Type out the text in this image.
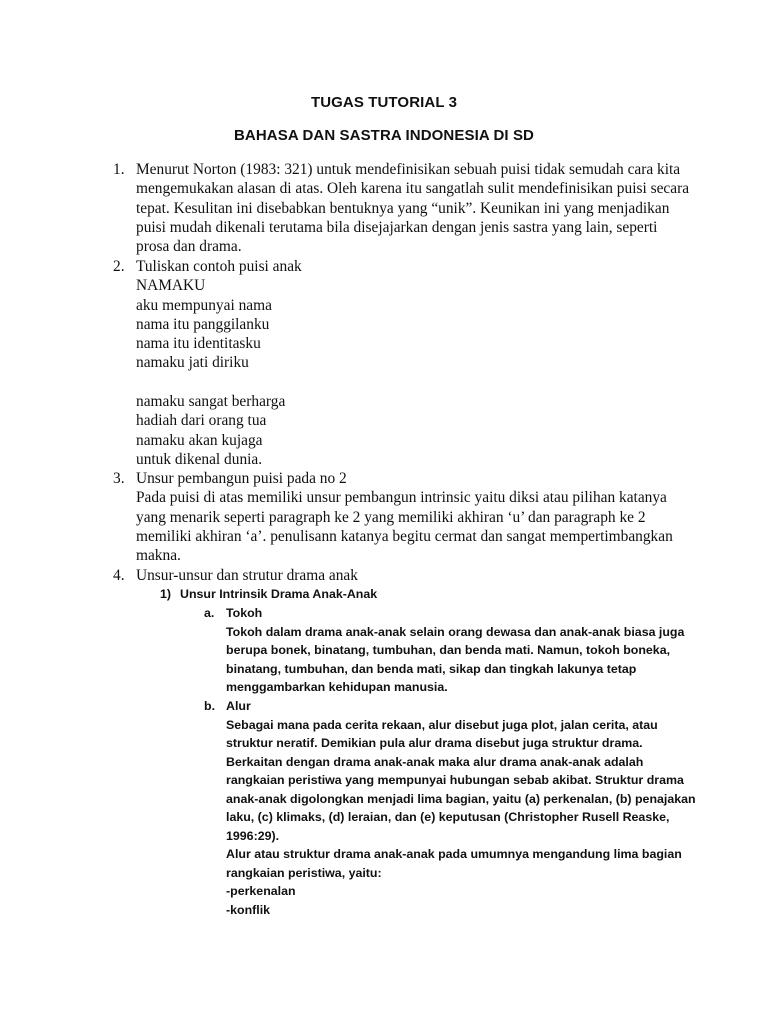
TUGAS TUTORIAL 3
BAHASA DAN SASTRA INDONESIA DI SD
1. Menurut Norton (1983: 321) untuk mendefinisikan sebuah puisi tidak semudah cara kita
mengemukakan alasan di atas. Oleh karena itu sangatlah sulit mendefinisikan puisi secara
tepat. Kesulitan ini disebabkan bentuknya yang “unik”. Keunikan ini yang menjadikan
puisi mudah dikenali terutama bila disejajarkan dengan jenis sastra yang lain, seperti
prosa dan drama.
2. Tuliskan contoh puisi anak
NAMAKU
aku mempunyai nama
nama itu panggilanku
nama itu identitasku
namaku jati diriku
namaku sangat berharga
hadiah dari orang tua
namaku akan kujaga
untuk dikenal dunia.
3. Unsur pembangun puisi pada no 2
Pada puisi di atas memiliki unsur pembangun intrinsic yaitu diksi atau pilihan katanya
yang menarik seperti paragraph ke 2 yang memiliki akhiran ‘u’ dan paragraph ke 2
memiliki akhiran ‘a’. penulisann katanya begitu cermat dan sangat mempertimbangkan
makna.
4. Unsur-unsur dan strutur drama anak
1) Unsur Intrinsik Drama Anak-Anak
a. Tokoh
Tokoh dalam drama anak-anak selain orang dewasa dan anak-anak biasa juga
berupa bonek, binatang, tumbuhan, dan benda mati. Namun, tokoh boneka,
binatang, tumbuhan, dan benda mati, sikap dan tingkah lakunya tetap
menggambarkan kehidupan manusia.
b. Alur
Sebagai mana pada cerita rekaan, alur disebut juga plot, jalan cerita, atau
struktur neratif. Demikian pula alur drama disebut juga struktur drama.
Berkaitan dengan drama anak-anak maka alur drama anak-anak adalah
rangkaian peristiwa yang mempunyai hubungan sebab akibat. Struktur drama
anak-anak digolongkan menjadi lima bagian, yaitu (a) perkenalan, (b) penajakan
laku, (c) klimaks, (d) leraian, dan (e) keputusan (Christopher Rusell Reaske,
1996:29).
Alur atau struktur drama anak-anak pada umumnya mengandung lima bagian
rangkaian peristiwa, yaitu:
-perkenalan
-konflik
